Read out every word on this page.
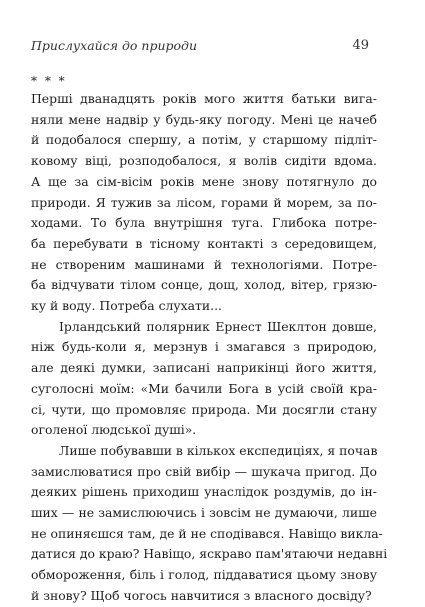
Прислухайся до природи	49
* * *

Перші дванадцять років мого життя батьки вига-
няли мене надвір у будь-яку погоду. Мені це начеб
й подобалося спершу, а потім, у старшому підліт-
ковому віці, розподобалося, я волів сидіти вдома.
А ще за сім-вісім років мене знову потягнуло до
природи. Я тужив за лісом, горами й морем, за по-
ходами. То була внутрішня туга. Глибока потре-
ба перебувати в тісному контакті з середовищем,
не створеним машинами й технологіями. Потре-
ба відчувати тілом сонце, дощ, холод, вітер, грязю-
ку й воду. Потреба слухати...

Ірландський полярник Ернест Шеклтон довше,
ніж будь-коли я, мерзнув і змагався з природою,
але деякі думки, записані наприкінці його життя,
суголосні моїм: «Ми бачили Бога в усій своїй кра-
сі, чути, що промовляє природа. Ми досягли стану
оголеної людської душі».

Лише побувавши в кількох експедиціях, я почав
замислюватися про свій вибір — шукача пригод. До
деяких рішень приходиш унаслідок роздумів, до ін-
ших — не замислюючись і зовсім не думаючи, лише
не опиняєшся там, де й не сподівався. Навіщо виклa-
датися до краю? Навіщо, яскраво пам'ятаючи недавні
обмороження, біль і голод, піддаватися цьому знову
й знову? Щоб чогось навчитися з власного досвіду?
